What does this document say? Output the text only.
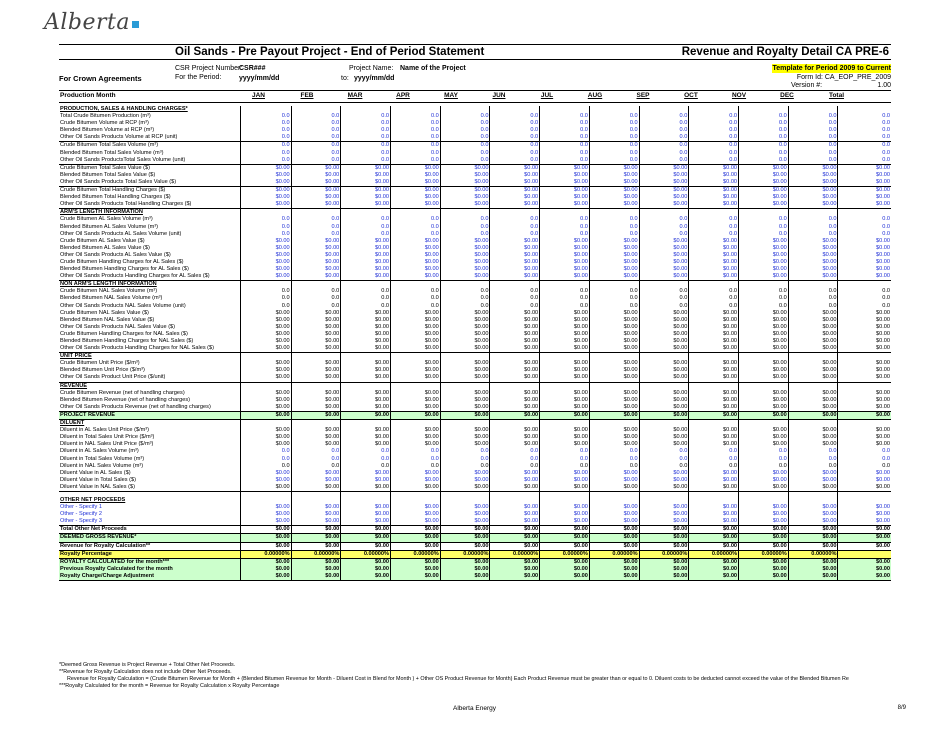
Alberta
Oil Sands - Pre Payout Project - End of Period Statement	Revenue and Royalty Detail CA PRE-6
CSR Project Number:
CSR###
For the Period:	yyyy/mm/dd
For Crown Agreements
Project Name: Name of the Project
to: yyyy/mm/dd
Template for Period 2009 to Current
Form Id: CA_EOP_PRE_2009
Version #:	1.00
Production Month	JAN	FEB	MAR	APR	MAY	JUN	JUL	AUG	SEP	OCT	NOV	DEC	Total
PRODUCTION, SALES & HANDLING CHARGES*													
Total Crude Bitumen Production (m³)	0.0	0.0	0.0	0.0	0.0	0.0	0.0	0.0	0.0	0.0	0.0	0.0	0.0
Crude Bitumen Volume at RCP (m³)	0.0	0.0	0.0	0.0	0.0	0.0	0.0	0.0	0.0	0.0	0.0	0.0	0.0
Blended Bitumen Volume at RCP (m³)	0.0	0.0	0.0	0.0	0.0	0.0	0.0	0.0	0.0	0.0	0.0	0.0	0.0
Other Oil Sands Products Volume at RCP (unit)	0.0	0.0	0.0	0.0	0.0	0.0	0.0	0.0	0.0	0.0	0.0	0.0	0.0
Crude Bitumen Total Sales Volume (m³)	0.0	0.0	0.0	0.0	0.0	0.0	0.0	0.0	0.0	0.0	0.0	0.0	0.0
Blended Bitumen Total Sales Volume (m³)	0.0	0.0	0.0	0.0	0.0	0.0	0.0	0.0	0.0	0.0	0.0	0.0	0.0
Other Oil Sands ProductsTotal Sales Volume (unit)	0.0	0.0	0.0	0.0	0.0	0.0	0.0	0.0	0.0	0.0	0.0	0.0	0.0
Crude Bitumen Total Sales Value ($)	$0.00	$0.00	$0.00	$0.00	$0.00	$0.00	$0.00	$0.00	$0.00	$0.00	$0.00	$0.00	$0.00
Blended Bitumen Total Sales Value ($)	$0.00	$0.00	$0.00	$0.00	$0.00	$0.00	$0.00	$0.00	$0.00	$0.00	$0.00	$0.00	$0.00
Other Oil Sands Products Total Sales Value ($)	$0.00	$0.00	$0.00	$0.00	$0.00	$0.00	$0.00	$0.00	$0.00	$0.00	$0.00	$0.00	$0.00
Crude Bitumen Total Handling Charges ($)	$0.00	$0.00	$0.00	$0.00	$0.00	$0.00	$0.00	$0.00	$0.00	$0.00	$0.00	$0.00	$0.00
Blended Bitumen Total Handling Charges ($)	$0.00	$0.00	$0.00	$0.00	$0.00	$0.00	$0.00	$0.00	$0.00	$0.00	$0.00	$0.00	$0.00
Other Oil Sands Products Total Handling Charges ($)	$0.00	$0.00	$0.00	$0.00	$0.00	$0.00	$0.00	$0.00	$0.00	$0.00	$0.00	$0.00	$0.00
ARM'S LENGTH INFORMATION													
Crude Bitumen AL Sales Volume (m³)	0.0	0.0	0.0	0.0	0.0	0.0	0.0	0.0	0.0	0.0	0.0	0.0	0.0
Blended Bitumen AL Sales Volume (m³)	0.0	0.0	0.0	0.0	0.0	0.0	0.0	0.0	0.0	0.0	0.0	0.0	0.0
Other Oil Sands Products AL Sales Volume (unit)	0.0	0.0	0.0	0.0	0.0	0.0	0.0	0.0	0.0	0.0	0.0	0.0	0.0
Crude Bitumen AL Sales Value ($)	$0.00	$0.00	$0.00	$0.00	$0.00	$0.00	$0.00	$0.00	$0.00	$0.00	$0.00	$0.00	$0.00
Blended Bitumen AL Sales Value ($)	$0.00	$0.00	$0.00	$0.00	$0.00	$0.00	$0.00	$0.00	$0.00	$0.00	$0.00	$0.00	$0.00
Other Oil Sands Products AL Sales Value ($)	$0.00	$0.00	$0.00	$0.00	$0.00	$0.00	$0.00	$0.00	$0.00	$0.00	$0.00	$0.00	$0.00
Crude Bitumen Handling Charges for AL Sales ($)	$0.00	$0.00	$0.00	$0.00	$0.00	$0.00	$0.00	$0.00	$0.00	$0.00	$0.00	$0.00	$0.00
Blended Bitumen Handling Charges for AL Sales ($)	$0.00	$0.00	$0.00	$0.00	$0.00	$0.00	$0.00	$0.00	$0.00	$0.00	$0.00	$0.00	$0.00
Other Oil Sands Products Handling Charges for AL Sales ($)	$0.00	$0.00	$0.00	$0.00	$0.00	$0.00	$0.00	$0.00	$0.00	$0.00	$0.00	$0.00	$0.00
NON ARM'S LENGTH INFORMATION													
Crude Bitumen NAL Sales Volume (m³)	0.0	0.0	0.0	0.0	0.0	0.0	0.0	0.0	0.0	0.0	0.0	0.0	0.0
Blended Bitumen NAL Sales Volume (m³)	0.0	0.0	0.0	0.0	0.0	0.0	0.0	0.0	0.0	0.0	0.0	0.0	0.0
Other Oil Sands Products NAL Sales Volume (unit)	0.0	0.0	0.0	0.0	0.0	0.0	0.0	0.0	0.0	0.0	0.0	0.0	0.0
Crude Bitumen NAL Sales Value ($)	$0.00	$0.00	$0.00	$0.00	$0.00	$0.00	$0.00	$0.00	$0.00	$0.00	$0.00	$0.00	$0.00
Blended Bitumen NAL Sales Value ($)	$0.00	$0.00	$0.00	$0.00	$0.00	$0.00	$0.00	$0.00	$0.00	$0.00	$0.00	$0.00	$0.00
Other Oil Sands Products NAL Sales Value ($)	$0.00	$0.00	$0.00	$0.00	$0.00	$0.00	$0.00	$0.00	$0.00	$0.00	$0.00	$0.00	$0.00
Crude Bitumen Handling Charges for NAL Sales ($)	$0.00	$0.00	$0.00	$0.00	$0.00	$0.00	$0.00	$0.00	$0.00	$0.00	$0.00	$0.00	$0.00
Blended Bitumen Handling Charges for NAL Sales ($)	$0.00	$0.00	$0.00	$0.00	$0.00	$0.00	$0.00	$0.00	$0.00	$0.00	$0.00	$0.00	$0.00
Other Oil Sands Products Handling Charges for NAL Sales ($)	$0.00	$0.00	$0.00	$0.00	$0.00	$0.00	$0.00	$0.00	$0.00	$0.00	$0.00	$0.00	$0.00
UNIT PRICE													
Crude Bitumen Unit Price ($/m³)	$0.00	$0.00	$0.00	$0.00	$0.00	$0.00	$0.00	$0.00	$0.00	$0.00	$0.00	$0.00	$0.00
Blended Bitumen Unit Price ($/m³)	$0.00	$0.00	$0.00	$0.00	$0.00	$0.00	$0.00	$0.00	$0.00	$0.00	$0.00	$0.00	$0.00
Other Oil Sands Product Unit Price ($/unit)	$0.00	$0.00	$0.00	$0.00	$0.00	$0.00	$0.00	$0.00	$0.00	$0.00	$0.00	$0.00	$0.00
REVENUE													
Crude Bitumen Revenue (net of handling charges)	$0.00	$0.00	$0.00	$0.00	$0.00	$0.00	$0.00	$0.00	$0.00	$0.00	$0.00	$0.00	$0.00
Blended Bitumen Revenue (net of handling charges)	$0.00	$0.00	$0.00	$0.00	$0.00	$0.00	$0.00	$0.00	$0.00	$0.00	$0.00	$0.00	$0.00
Other Oil Sands Products Revenue (net of handling charges)	$0.00	$0.00	$0.00	$0.00	$0.00	$0.00	$0.00	$0.00	$0.00	$0.00	$0.00	$0.00	$0.00
PROJECT REVENUE	$0.00	$0.00	$0.00	$0.00	$0.00	$0.00	$0.00	$0.00	$0.00	$0.00	$0.00	$0.00	$0.00
DILUENT													
Diluent in AL Sales Unit Price ($/m³)	$0.00	$0.00	$0.00	$0.00	$0.00	$0.00	$0.00	$0.00	$0.00	$0.00	$0.00	$0.00	$0.00
Diluent in Total Sales Unit Price ($/m³)	$0.00	$0.00	$0.00	$0.00	$0.00	$0.00	$0.00	$0.00	$0.00	$0.00	$0.00	$0.00	$0.00
Diluent in NAL Sales Unit Price ($/m³)	$0.00	$0.00	$0.00	$0.00	$0.00	$0.00	$0.00	$0.00	$0.00	$0.00	$0.00	$0.00	$0.00
Diluent in AL Sales Volume (m³)	0.0	0.0	0.0	0.0	0.0	0.0	0.0	0.0	0.0	0.0	0.0	0.0	0.0
Diluent in Total Sales Volume (m³)	0.0	0.0	0.0	0.0	0.0	0.0	0.0	0.0	0.0	0.0	0.0	0.0	0.0
Diluent in NAL Sales Volume (m³)	0.0	0.0	0.0	0.0	0.0	0.0	0.0	0.0	0.0	0.0	0.0	0.0	0.0
Diluent Value in AL Sales ($)	$0.00	$0.00	$0.00	$0.00	$0.00	$0.00	$0.00	$0.00	$0.00	$0.00	$0.00	$0.00	$0.00
Diluent Value in Total Sales ($)	$0.00	$0.00	$0.00	$0.00	$0.00	$0.00	$0.00	$0.00	$0.00	$0.00	$0.00	$0.00	$0.00
Diluent Value in NAL Sales ($)	$0.00	$0.00	$0.00	$0.00	$0.00	$0.00	$0.00	$0.00	$0.00	$0.00	$0.00	$0.00	$0.00

OTHER NET PROCEEDS													
Other - Specify 1	$0.00	$0.00	$0.00	$0.00	$0.00	$0.00	$0.00	$0.00	$0.00	$0.00	$0.00	$0.00	$0.00
Other - Specify 2	$0.00	$0.00	$0.00	$0.00	$0.00	$0.00	$0.00	$0.00	$0.00	$0.00	$0.00	$0.00	$0.00
Other - Specify 3	$0.00	$0.00	$0.00	$0.00	$0.00	$0.00	$0.00	$0.00	$0.00	$0.00	$0.00	$0.00	$0.00
Total Other Net Proceeds	$0.00	$0.00	$0.00	$0.00	$0.00	$0.00	$0.00	$0.00	$0.00	$0.00	$0.00	$0.00	$0.00
DEEMED GROSS REVENUE*	$0.00	$0.00	$0.00	$0.00	$0.00	$0.00	$0.00	$0.00	$0.00	$0.00	$0.00	$0.00	$0.00
Revenue for Royalty Calculation**	$0.00	$0.00	$0.00	$0.00	$0.00	$0.00	$0.00	$0.00	$0.00	$0.00	$0.00	$0.00	$0.00
Royalty Percentage	0.00000%	0.00000%	0.00000%	0.00000%	0.00000%	0.00000%	0.00000%	0.00000%	0.00000%	0.00000%	0.00000%	0.00000%	
ROYALTY CALCULATED for the month***	$0.00	$0.00	$0.00	$0.00	$0.00	$0.00	$0.00	$0.00	$0.00	$0.00	$0.00	$0.00	$0.00
Previous Royalty Calculated for the month	$0.00	$0.00	$0.00	$0.00	$0.00	$0.00	$0.00	$0.00	$0.00	$0.00	$0.00	$0.00	$0.00
Royalty Charge/Charge Adjustment	$0.00	$0.00	$0.00	$0.00	$0.00	$0.00	$0.00	$0.00	$0.00	$0.00	$0.00	$0.00	$0.00
*Deemed Gross Revenue is Project Revenue + Total Other Net Proceeds.
**Revenue for Royalty Calculation does not include Other Net Proceeds.
Revenue for Royalty Calculation = (Crude Bitumen Revenue for Month + (Blended Bitumen Revenue for Month - Diluent Cost in Blend for Month ) + Other OS Product Revenue for Month) Each Product Revenue must be greater than or equal to 0. Diluent costs to be deducted cannot exceed the value of the Blended Bitumen Re
***Royalty Calculated for the month = Revenue for Royalty Calculation x Royalty Percentage
Alberta Energy	8/9
